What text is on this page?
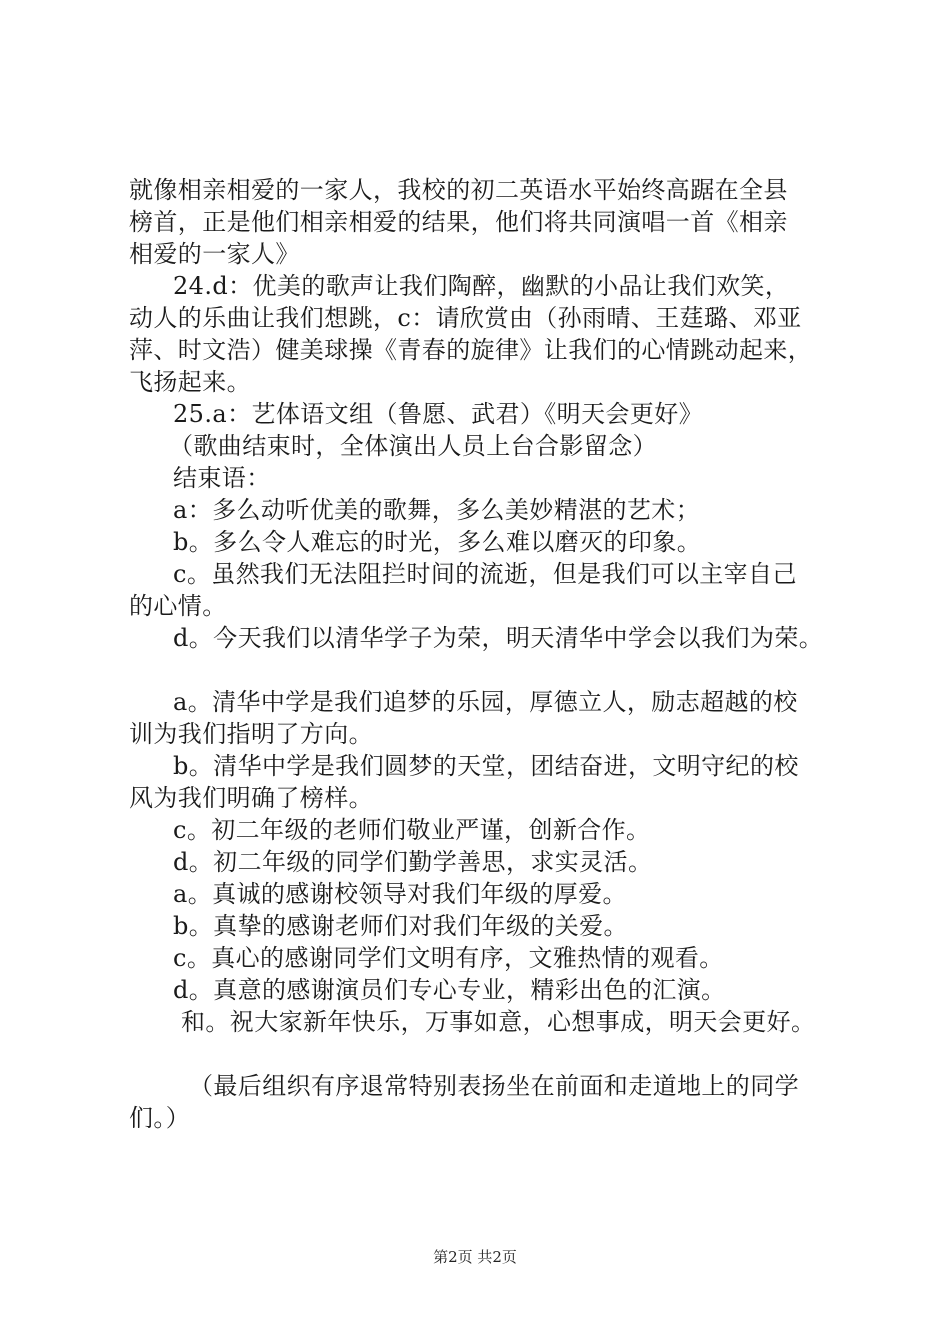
就像相亲相爱的一家人，我校的初二英语水平始终高踞在全县

榜首，正是他们相亲相爱的结果，他们将共同演唱一首《相亲

相爱的一家人》

24.d：优美的歌声让我们陶醉，幽默的小品让我们欢笑，

动人的乐曲让我们想跳，c：请欣赏由（孙雨晴、王莛璐、邓亚

萍、时文浩）健美球操《青春的旋律》让我们的心情跳动起来，

飞扬起来。

25.a：艺体语文组（鲁愿、武君）《明天会更好》

（歌曲结束时，全体演出人员上台合影留念）

结束语：

a：多么动听优美的歌舞，多么美妙精湛的艺术；

b。多么令人难忘的时光，多么难以磨灭的印象。

c。虽然我们无法阻拦时间的流逝，但是我们可以主宰自己

的心情。

d。今天我们以清华学子为荣，明天清华中学会以我们为荣。

a。清华中学是我们追梦的乐园，厚德立人，励志超越的校

训为我们指明了方向。

b。清华中学是我们圆梦的天堂，团结奋进，文明守纪的校

风为我们明确了榜样。

c。初二年级的老师们敬业严谨，创新合作。

d。初二年级的同学们勤学善思，求实灵活。

a。真诚的感谢校领导对我们年级的厚爱。

b。真挚的感谢老师们对我们年级的关爱。

c。真心的感谢同学们文明有序，文雅热情的观看。

d。真意的感谢演员们专心专业，精彩出色的汇演。

和。祝大家新年快乐，万事如意，心想事成，明天会更好。

（最后组织有序退常特别表扬坐在前面和走道地上的同学

们。）

第2页 共2页
